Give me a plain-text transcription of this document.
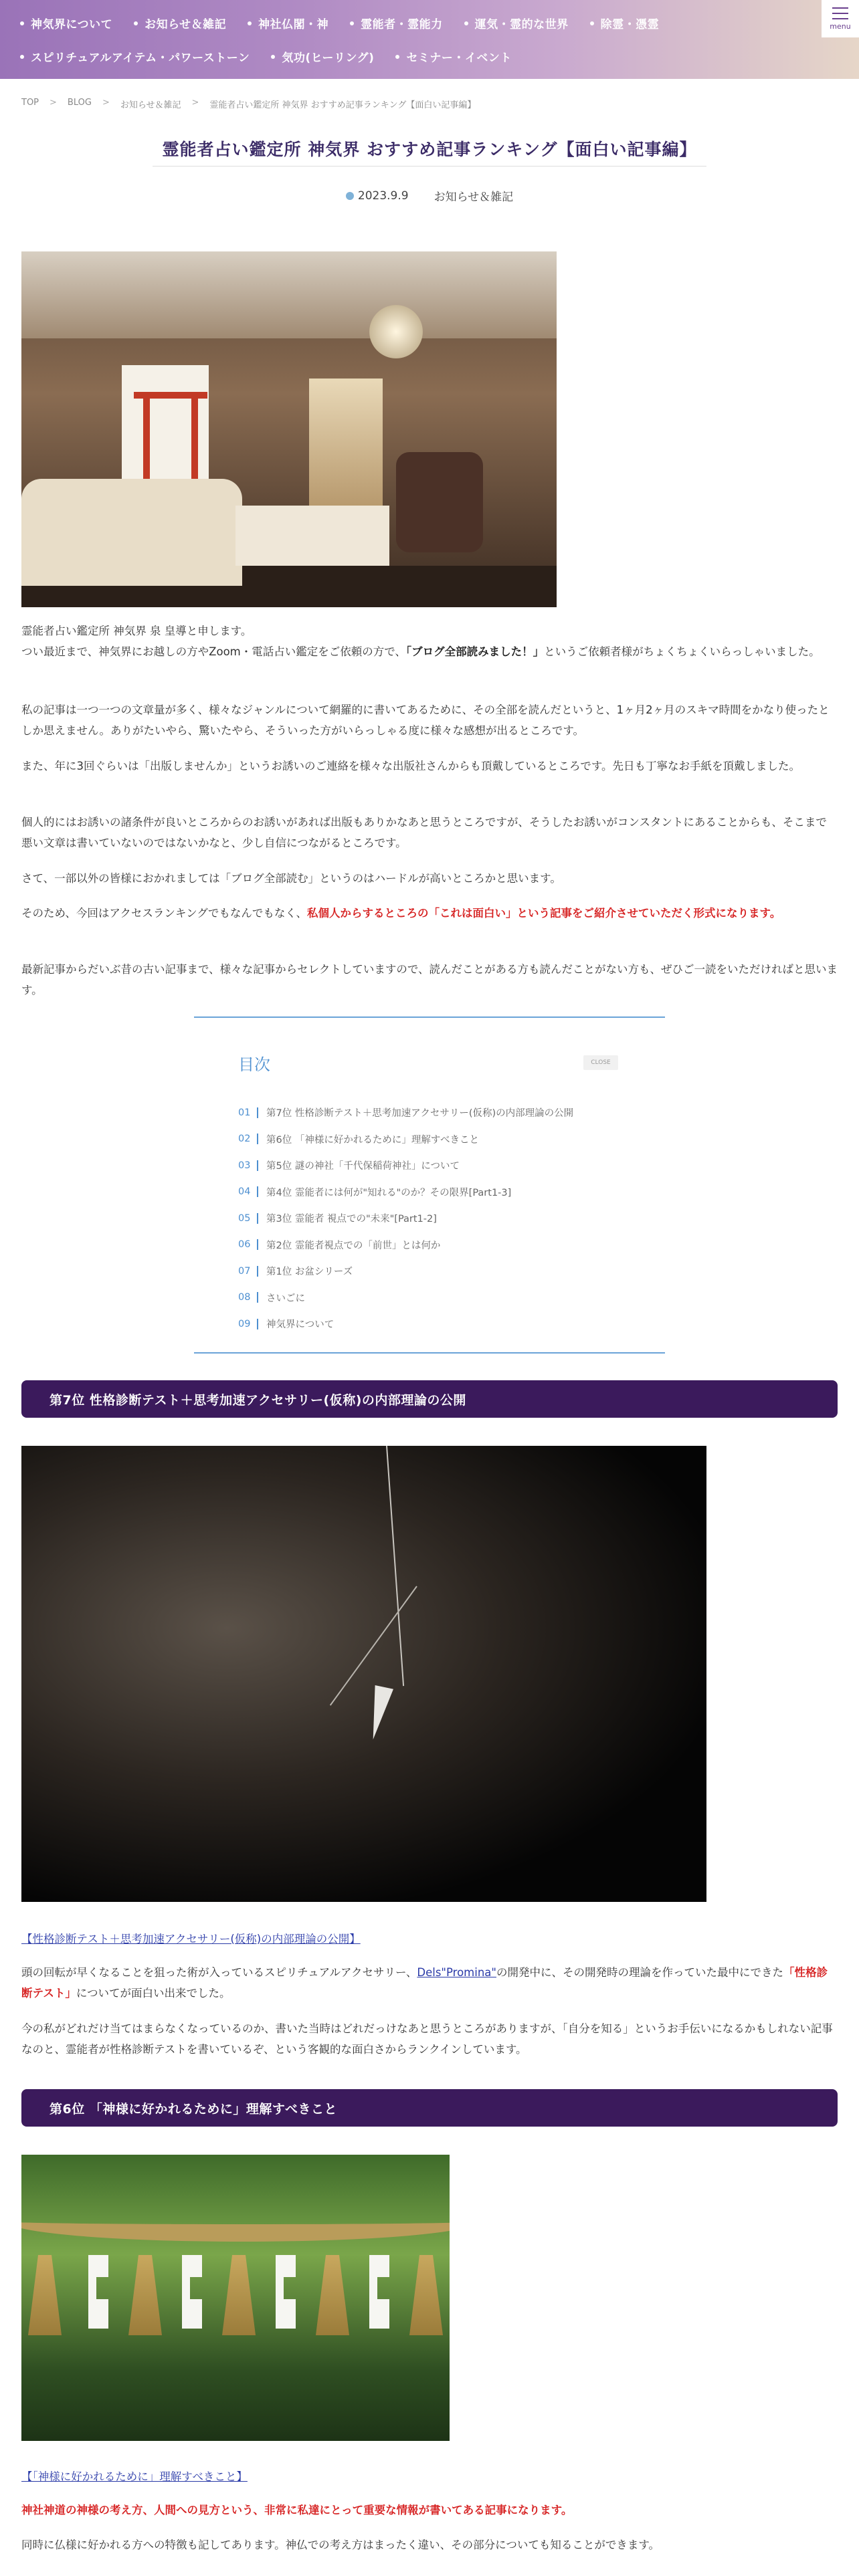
神気界について	お知らせ＆雑記	神社仏閣・神	霊能者・霊能力	運気・霊的な世界	除霊・憑霊
スピリチュアルアイテム・パワーストーン	気功(ヒーリング)	セミナー・イベント
menu
TOP > BLOG > お知らせ＆雑記 > 霊能者占い鑑定所 神気界 おすすめ記事ランキング【面白い記事編】
霊能者占い鑑定所 神気界 おすすめ記事ランキング【面白い記事編】
2023.9.9 お知らせ＆雑記

霊能者占い鑑定所 神気界 泉 皇導と申します。
つい最近まで、神気界にお越しの方やZoom・電話占い鑑定をご依頼の方で、「ブログ全部読みました！」というご依頼者様がちょくちょくいらっしゃいました。

私の記事は一つ一つの文章量が多く、様々なジャンルについて網羅的に書いてあるために、その全部を読んだというと、1ヶ月2ヶ月のスキマ時間をかなり使ったとしか思えません。ありがたいやら、驚いたやら、そういった方がいらっしゃる度に様々な感想が出るところです。

また、年に3回ぐらいは「出版しませんか」というお誘いのご連絡を様々な出版社さんからも頂戴しているところです。先日も丁寧なお手紙を頂戴しました。

個人的にはお誘いの諸条件が良いところからのお誘いがあれば出版もありかなあと思うところですが、そうしたお誘いがコンスタントにあることからも、そこまで悪い文章は書いていないのではないかなと、少し自信につながるところです。

さて、一部以外の皆様におかれましては「ブログ全部読む」というのはハードルが高いところかと思います。

そのため、今回はアクセスランキングでもなんでもなく、私個人からするところの「これは面白い」という記事をご紹介させていただく形式になります。

最新記事からだいぶ昔の古い記事まで、様々な記事からセレクトしていますので、読んだことがある方も読んだことがない方も、ぜひご一読をいただければと思います。

目次	CLOSE
01	第7位 性格診断テスト＋思考加速アクセサリー(仮称)の内部理論の公開
02	第6位 「神様に好かれるために」理解すべきこと
03	第5位 謎の神社「千代保稲荷神社」について
04	第4位 霊能者には何が"知れる"のか？その限界[Part1-3]
05	第3位 霊能者 視点での"未来"[Part1-2]
06	第2位 霊能者視点での「前世」とは何か
07	第1位 お盆シリーズ
08	さいごに
09	神気界について
第7位 性格診断テスト＋思考加速アクセサリー(仮称)の内部理論の公開
【性格診断テスト＋思考加速アクセサリー(仮称)の内部理論の公開】

頭の回転が早くなることを狙った術が入っているスピリチュアルアクセサリー、Dels"Promina"の開発中に、その開発時の理論を作っていた最中にできた「性格診断テスト」についてが面白い出来でした。

今の私がどれだけ当てはまらなくなっているのか、書いた当時はどれだっけなあと思うところがありますが、「自分を知る」というお手伝いになるかもしれない記事なのと、霊能者が性格診断テストを書いているぞ、という客観的な面白さからランクインしています。

第6位 「神様に好かれるために」理解すべきこと
【「神様に好かれるために」理解すべきこと】
神社神道の神様の考え方、人間への見方という、非常に私達にとって重要な情報が書いてある記事になります。

同時に仏様に好かれる方への特徴も記してあります。神仏での考え方はまったく違い、その部分についても知ることができます。
